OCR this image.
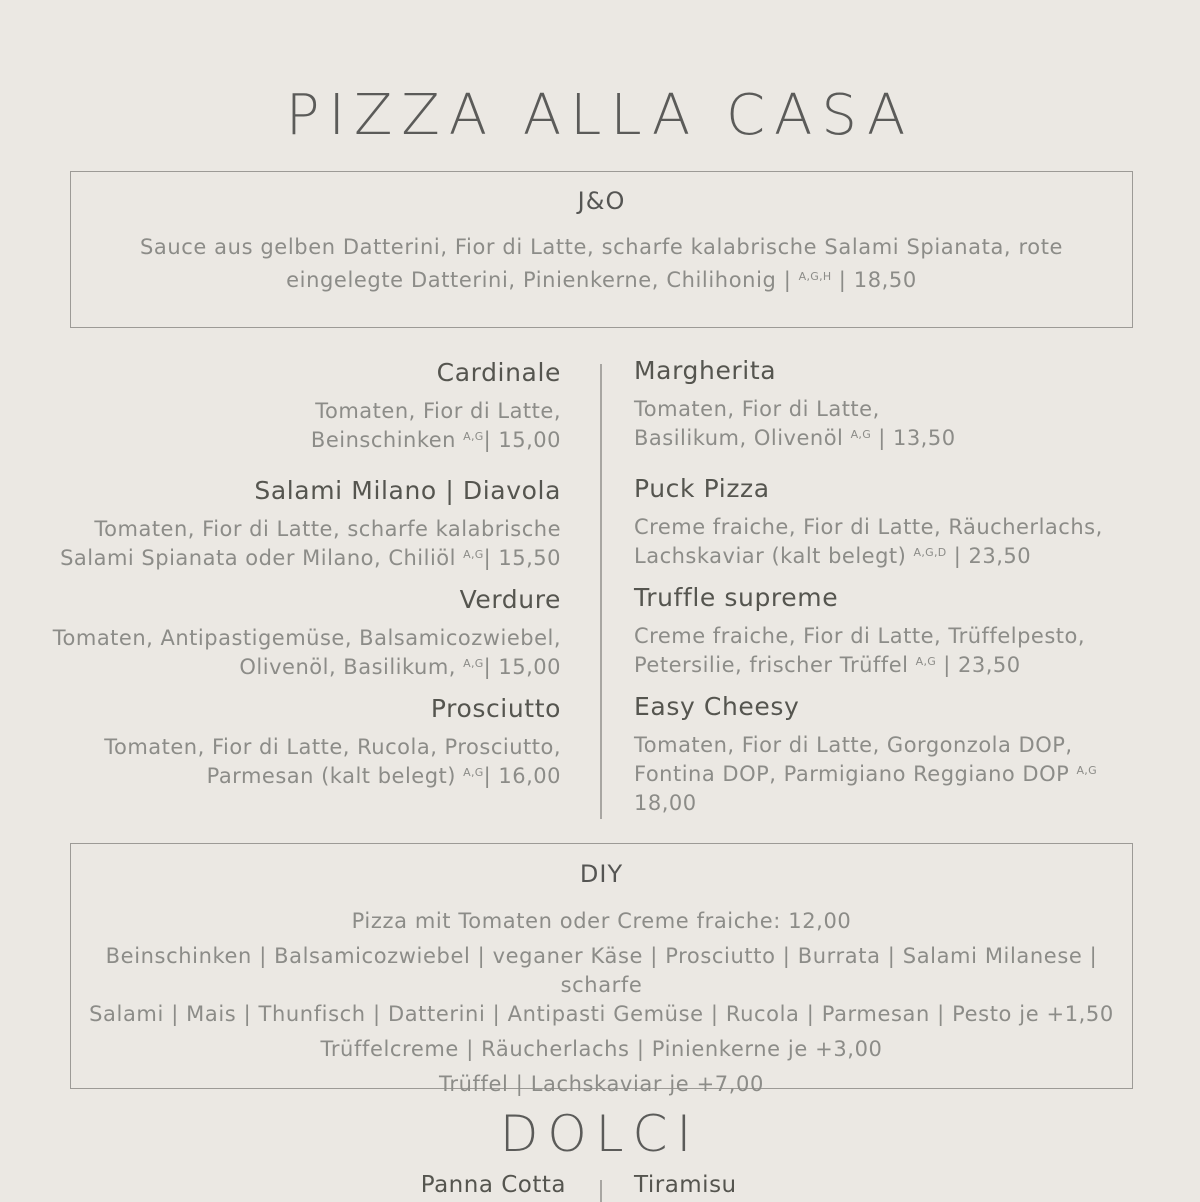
PIZZA ALLA CASA
J&O
Sauce aus gelben Datterini, Fior di Latte, scharfe kalabrische Salami Spianata, rote eingelegte Datterini, Pinienkerne, Chilihonig | $^{A,G,H}$ | 18,50
Cardinale
Tomaten, Fior di Latte,
Beinschinken $^{A,G}$| 15,00
Salami Milano | Diavola
Tomaten, Fior di Latte, scharfe kalabrische
Salami Spianata oder Milano, Chiliöl $^{A,G}$| 15,50
Verdure
Tomaten, Antipastigemüse, Balsamicozwiebel,
Olivenöl, Basilikum, $^{A,G}$| 15,00
Prosciutto
Tomaten, Fior di Latte, Rucola, Prosciutto,
Parmesan (kalt belegt) $^{A,G}$| 16,00
Margherita
Tomaten, Fior di Latte,
Basilikum, Olivenöl $^{A,G}$ | 13,50
Puck Pizza
Creme fraiche, Fior di Latte, Räucherlachs,
Lachskaviar (kalt belegt) $^{A,G,D}$ | 23,50
Truffle supreme
Creme fraiche, Fior di Latte, Trüffelpesto,
Petersilie, frischer Trüffel $^{A,G}$ | 23,50
Easy Cheesy
Tomaten, Fior di Latte, Gorgonzola DOP,
Fontina DOP, Parmigiano Reggiano DOP $^{A,G}$
18,00
DIY
Pizza mit Tomaten oder Creme fraiche: 12,00
Beinschinken | Balsamicozwiebel | veganer Käse | Prosciutto | Burrata | Salami Milanese | scharfe
Salami | Mais | Thunfisch | Datterini | Antipasti Gemüse | Rucola | Parmesan | Pesto je +1,50
Trüffelcreme | Räucherlachs | Pinienkerne je +3,00
Trüffel | Lachskaviar je +7,00
DOLCI
Panna Cotta	Tiramisu
